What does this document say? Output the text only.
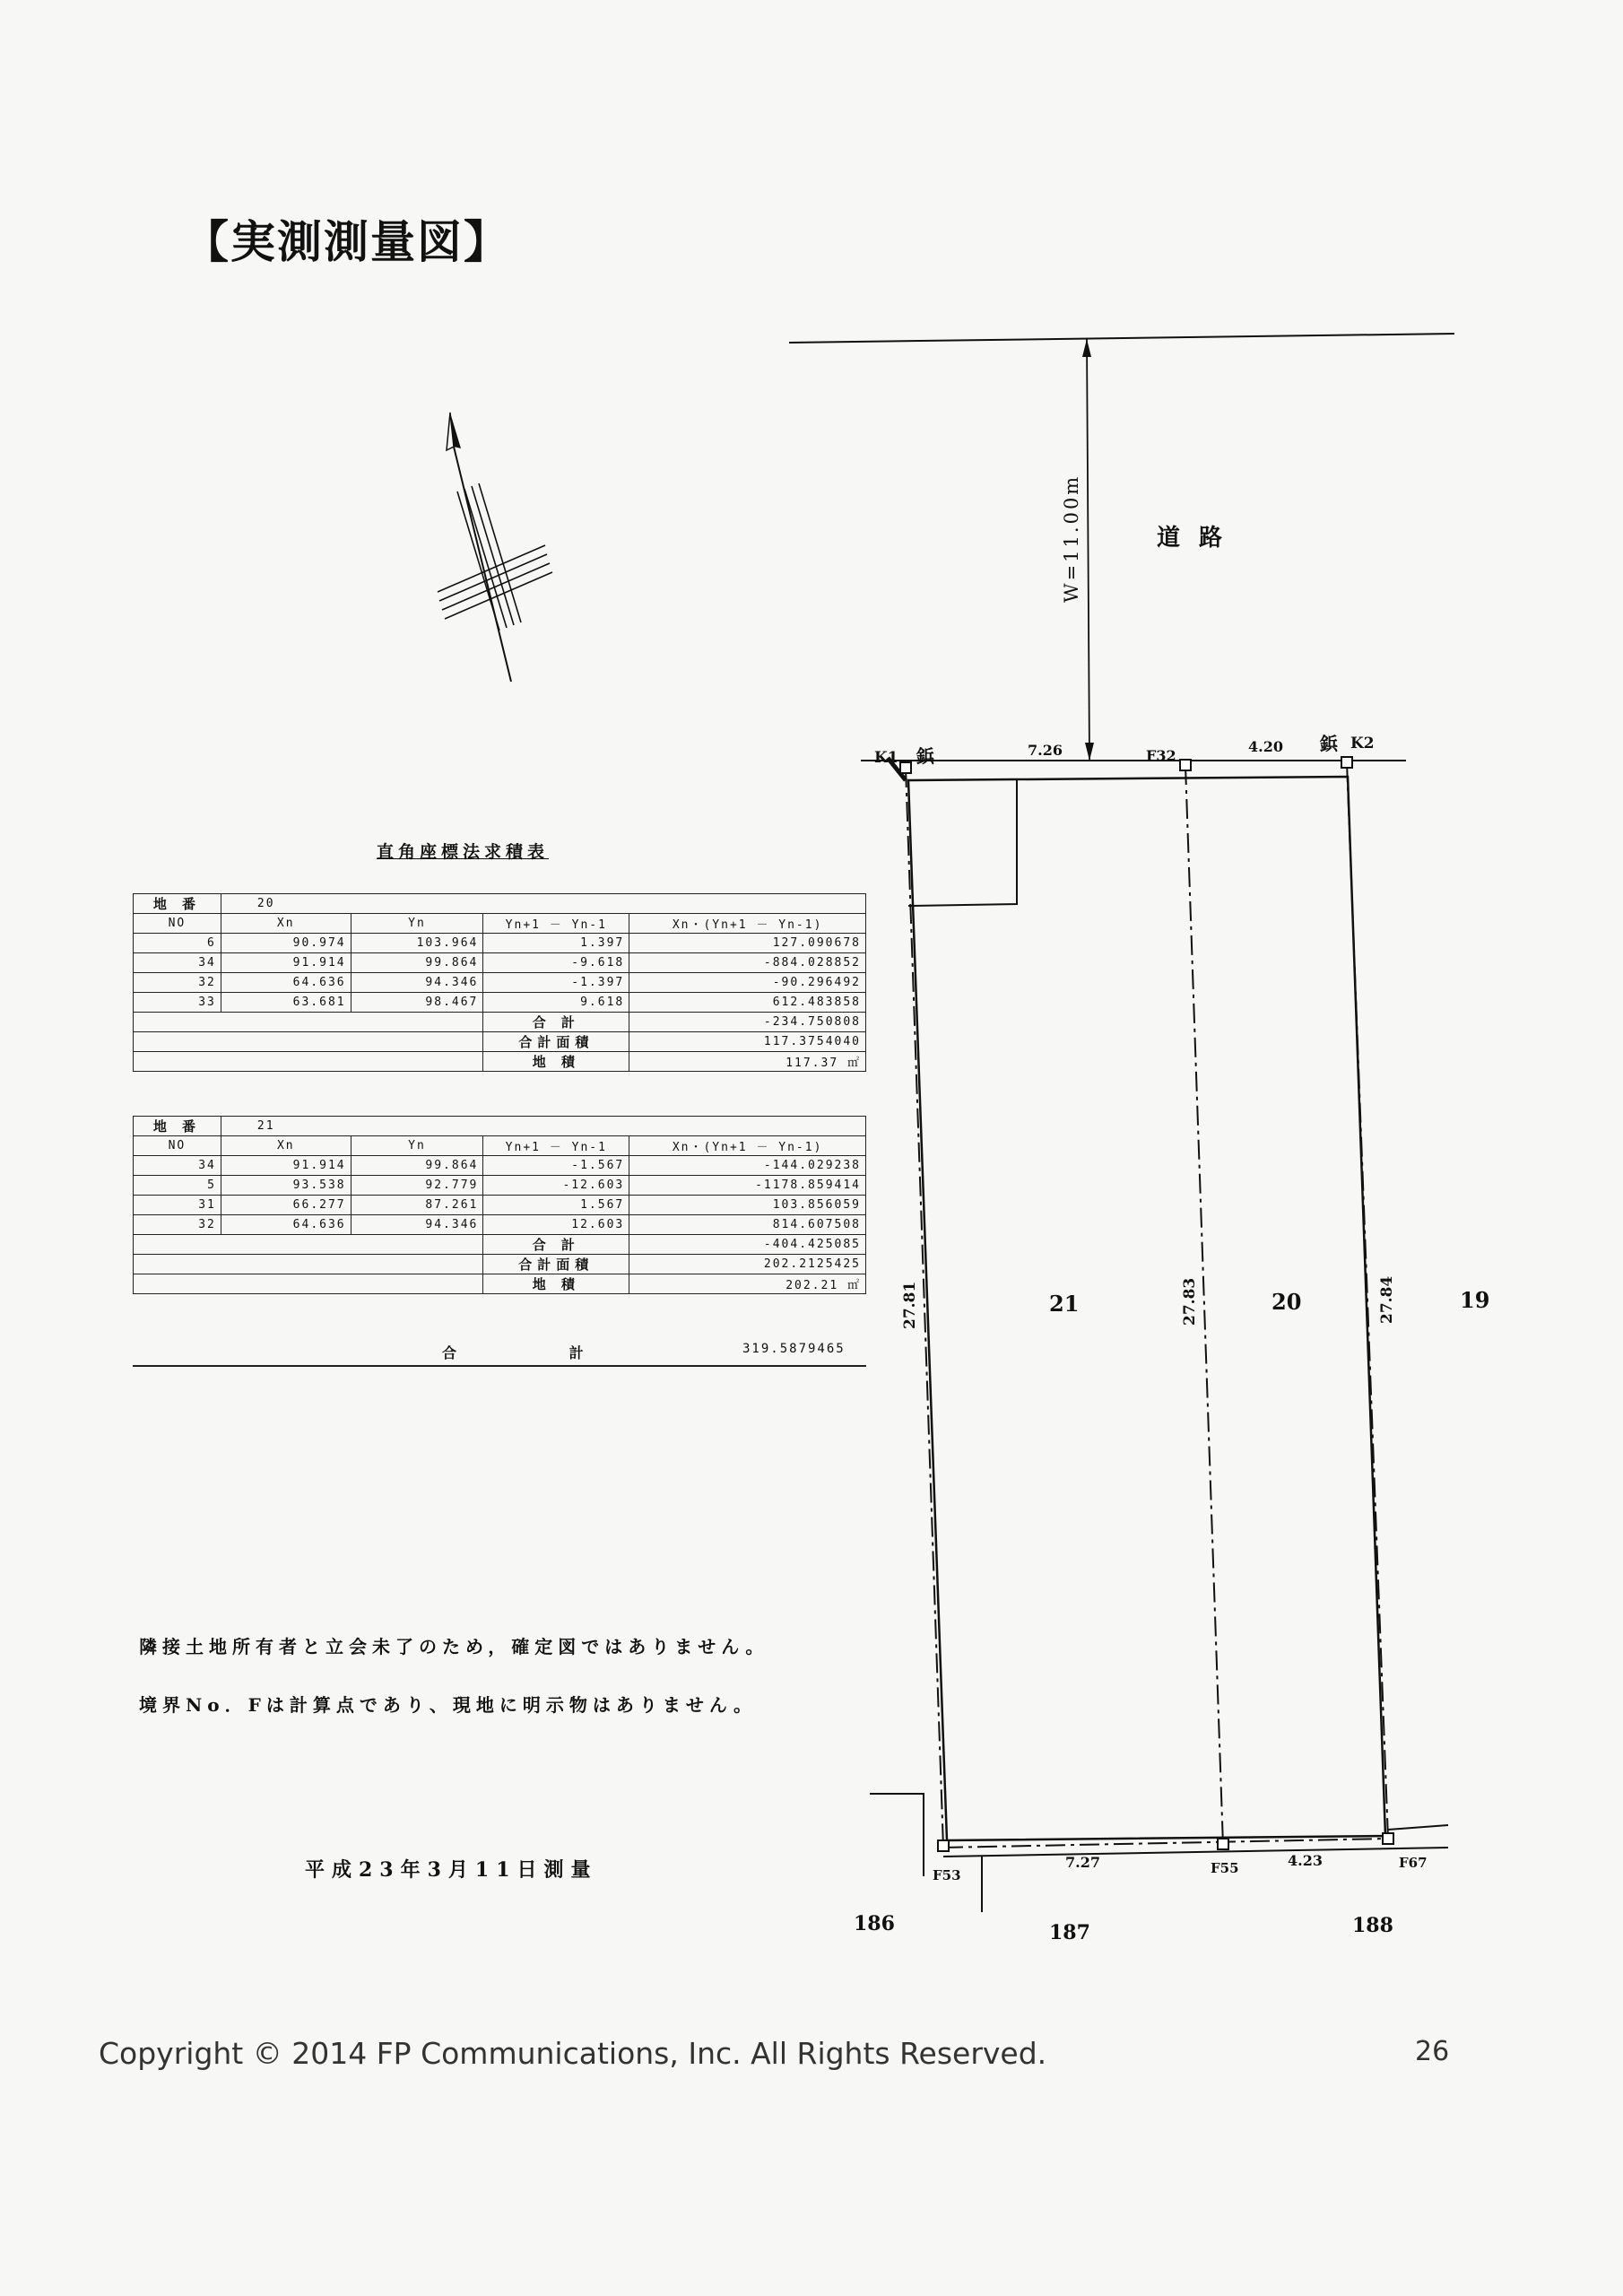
【実測測量図】
W=11.00m	道 路
K1 鋲	F32
鋲 K2
F53	F55	F67
7.26	4.20
7.27	4.23
27.81	27.83	27.84
21	20	19
186	187	188
直角座標法求積表
地 番	20			
NO	Xn	Yn	Yn+1 － Yn-1	Xn・(Yn+1 － Yn-1)
6	90.974	103.964	1.397	127.090678
34	91.914	99.864	-9.618	-884.028852
32	64.636	94.346	-1.397	-90.296492
33	63.681	98.467	9.618	612.483858
			合 計	-234.750808
			合計面積	117.3754040
			地 積	117.37 ㎡
地 番	21			
NO	Xn	Yn	Yn+1 － Yn-1	Xn・(Yn+1 － Yn-1)
34	91.914	99.864	-1.567	-144.029238
5	93.538	92.779	-12.603	-1178.859414
31	66.277	87.261	1.567	103.856059
32	64.636	94.346	12.603	814.607508
			合 計	-404.425085
			合計面積	202.2125425
			地 積	202.21 ㎡
合 計	319.5879465
隣接土地所有者と立会未了のため，確定図ではありません。
境界No．Fは計算点であり、現地に明示物はありません。
平成23年3月11日測量
Copyright © 2014 FP Communications, Inc. All Rights Reserved.	26
